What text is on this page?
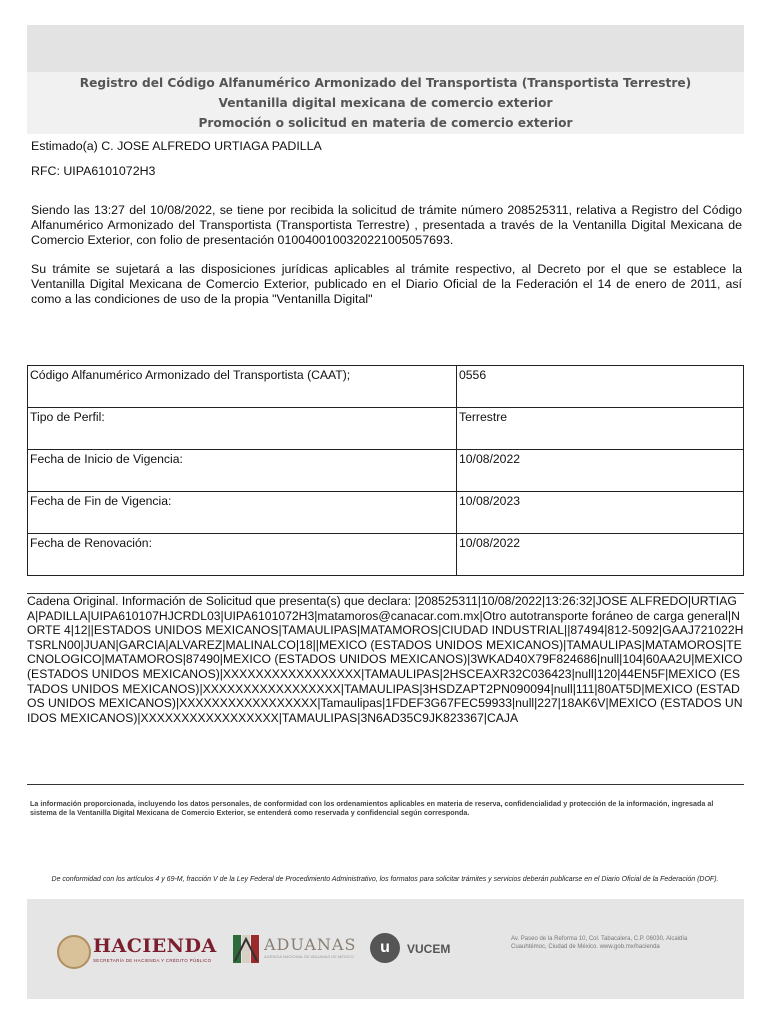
Registro del Código Alfanumérico Armonizado del Transportista (Transportista Terrestre)
Ventanilla digital mexicana de comercio exterior
Promoción o solicitud en materia de comercio exterior
Estimado(a) C. JOSE ALFREDO URTIAGA PADILLA
RFC: UIPA6101072H3
Siendo las 13:27 del 10/08/2022, se tiene por recibida la solicitud de trámite número 208525311, relativa a Registro del Código Alfanumérico Armonizado del Transportista (Transportista Terrestre) , presentada a través de la Ventanilla Digital Mexicana de Comercio Exterior, con folio de presentación 0100400100320221005057693.
Su trámite se sujetará a las disposiciones jurídicas aplicables al trámite respectivo, al Decreto por el que se establece la Ventanilla Digital Mexicana de Comercio Exterior, publicado en el Diario Oficial de la Federación el 14 de enero de 2011, así como a las condiciones de uso de la propia "Ventanilla Digital"
Código Alfanumérico Armonizado del Transportista (CAAT);	0556
Tipo de Perfil:	Terrestre
Fecha de Inicio de Vigencia:	10/08/2022
Fecha de Fin de Vigencia:	10/08/2023
Fecha de Renovación:	10/08/2022
Cadena Original. Información de Solicitud que presenta(s) que declara: |208525311|10/08/2022|13:26:32|JOSE ALFREDO|URTIAGA|PADILLA|UIPA610107HJCRDL03|UIPA6101072H3|matamoros@canacar.com.mx|Otro autotransporte foráneo de carga general|NORTE 4|12||ESTADOS UNIDOS MEXICANOS|TAMAULIPAS|MATAMOROS|CIUDAD INDUSTRIAL||87494|812-5092|GAAJ721022HTSRLN00|JUAN|GARCIA|ALVAREZ|MALINALCO|18||MEXICO (ESTADOS UNIDOS MEXICANOS)|TAMAULIPAS|MATAMOROS|TECNOLOGICO|MATAMOROS|87490|MEXICO (ESTADOS UNIDOS MEXICANOS)|3WKAD40X79F824686|null|104|60AA2U|MEXICO (ESTADOS UNIDOS MEXICANOS)|XXXXXXXXXXXXXXXXX|TAMAULIPAS|2HSCEAXR32C036423|null|120|44EN5F|MEXICO (ESTADOS UNIDOS MEXICANOS)|XXXXXXXXXXXXXXXXX|TAMAULIPAS|3HSDZAPT2PN090094|null|111|80AT5D|MEXICO (ESTADOS UNIDOS MEXICANOS)|XXXXXXXXXXXXXXXXX|Tamaulipas|1FDEF3G67FEC59933|null|227|18AK6V|MEXICO (ESTADOS UNIDOS MEXICANOS)|XXXXXXXXXXXXXXXXX|TAMAULIPAS|3N6AD35C9JK823367|CAJA
La información proporcionada, incluyendo los datos personales, de conformidad con los ordenamientos aplicables en materia de reserva, confidencialidad y protección de la información, ingresada al sistema de la Ventanilla Digital Mexicana de Comercio Exterior, se entenderá como reservada y confidencial según corresponda.
De conformidad con los artículos 4 y 69-M, fracción V de la Ley Federal de Procedimiento Administrativo, los formatos para solicitar trámites y servicios deberán publicarse en el Diario Oficial de la Federación (DOF).
HACIENDA
SECRETARÍA DE HACIENDA Y CRÉDITO PÚBLICO
ADUANAS
AGENCIA NACIONAL DE ADUANAS DE MÉXICO
u	VUCEM
Av. Paseo de la Reforma 10, Col. Tabacalera, C.P. 06030, Alcaldía Cuauhtémoc, Ciudad de México. www.gob.mx/hacienda
